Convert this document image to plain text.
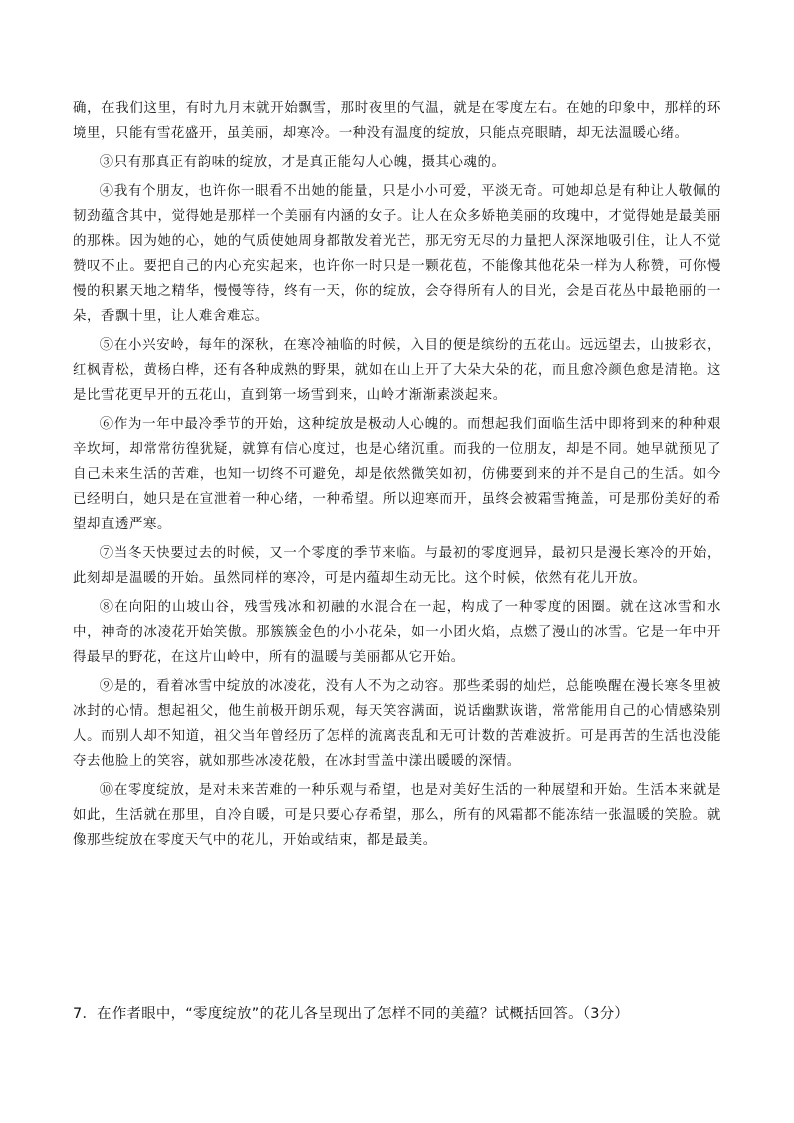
确，在我们这里，有时九月末就开始飘雪，那时夜里的气温，就是在零度左右。在她的印象中，那样的环境里，只能有雪花盛开，虽美丽，却寒冷。一种没有温度的绽放，只能点亮眼睛，却无法温暖心绪。

③只有那真正有韵味的绽放，才是真正能勾人心魄，摄其心魂的。

④我有个朋友，也许你一眼看不出她的能量，只是小小可爱，平淡无奇。可她却总是有种让人敬佩的韧劲蕴含其中，觉得她是那样一个美丽有内涵的女子。让人在众多娇艳美丽的玫瑰中，才觉得她是最美丽的那株。因为她的心，她的气质使她周身都散发着光芒，那无穷无尽的力量把人深深地吸引住，让人不觉赞叹不止。要把自己的内心充实起来，也许你一时只是一颗花苞，不能像其他花朵一样为人称赞，可你慢慢的积累天地之精华，慢慢等待，终有一天，你的绽放，会夺得所有人的目光，会是百花丛中最艳丽的一朵，香飘十里，让人难舍难忘。

⑤在小兴安岭，每年的深秋，在寒冷袖临的时候，入目的便是缤纷的五花山。远远望去，山披彩衣，红枫青松，黄杨白桦，还有各种成熟的野果，就如在山上开了大朵大朵的花，而且愈冷颜色愈是清艳。这是比雪花更早开的五花山，直到第一场雪到来，山岭才渐渐素淡起来。

⑥作为一年中最冷季节的开始，这种绽放是极动人心魄的。而想起我们面临生活中即将到来的种种艰辛坎坷，却常常彷徨犹疑，就算有信心度过，也是心绪沉重。而我的一位朋友，却是不同。她早就预见了自己未来生活的苦难，也知一切终不可避免，却是依然微笑如初，仿佛要到来的并不是自己的生活。如今已经明白，她只是在宣泄着一种心绪，一种希望。所以迎寒而开，虽终会被霜雪掩盖，可是那份美好的希望却直透严寒。

⑦当冬天快要过去的时候，又一个零度的季节来临。与最初的零度迥异，最初只是漫长寒冷的开始，此刻却是温暖的开始。虽然同样的寒冷，可是内蕴却生动无比。这个时候，依然有花儿开放。

⑧在向阳的山坡山谷，残雪残冰和初融的水混合在一起，构成了一种零度的困圈。就在这冰雪和水中，神奇的冰凌花开始笑傲。那簇簇金色的小小花朵，如一小团火焰，点燃了漫山的冰雪。它是一年中开得最早的野花，在这片山岭中，所有的温暖与美丽都从它开始。

⑨是的，看着冰雪中绽放的冰凌花，没有人不为之动容。那些柔弱的灿烂，总能唤醒在漫长寒冬里被冰封的心情。想起祖父，他生前极开朗乐观，每天笑容满面，说话幽默诙谐，常常能用自己的心情感染别人。而别人却不知道，祖父当年曾经历了怎样的流离丧乱和无可计数的苦难波折。可是再苦的生活也没能夺去他脸上的笑容，就如那些冰凌花般，在冰封雪盖中漾出暖暖的深情。

⑩在零度绽放，是对未来苦难的一种乐观与希望，也是对美好生活的一种展望和开始。生活本来就是如此，生活就在那里，自冷自暖，可是只要心存希望，那么，所有的风霜都不能冻结一张温暖的笑脸。就像那些绽放在零度天气中的花儿，开始或结束，都是最美。

7．在作者眼中，“零度绽放”的花儿各呈现出了怎样不同的美蕴？试概括回答。（3分）
